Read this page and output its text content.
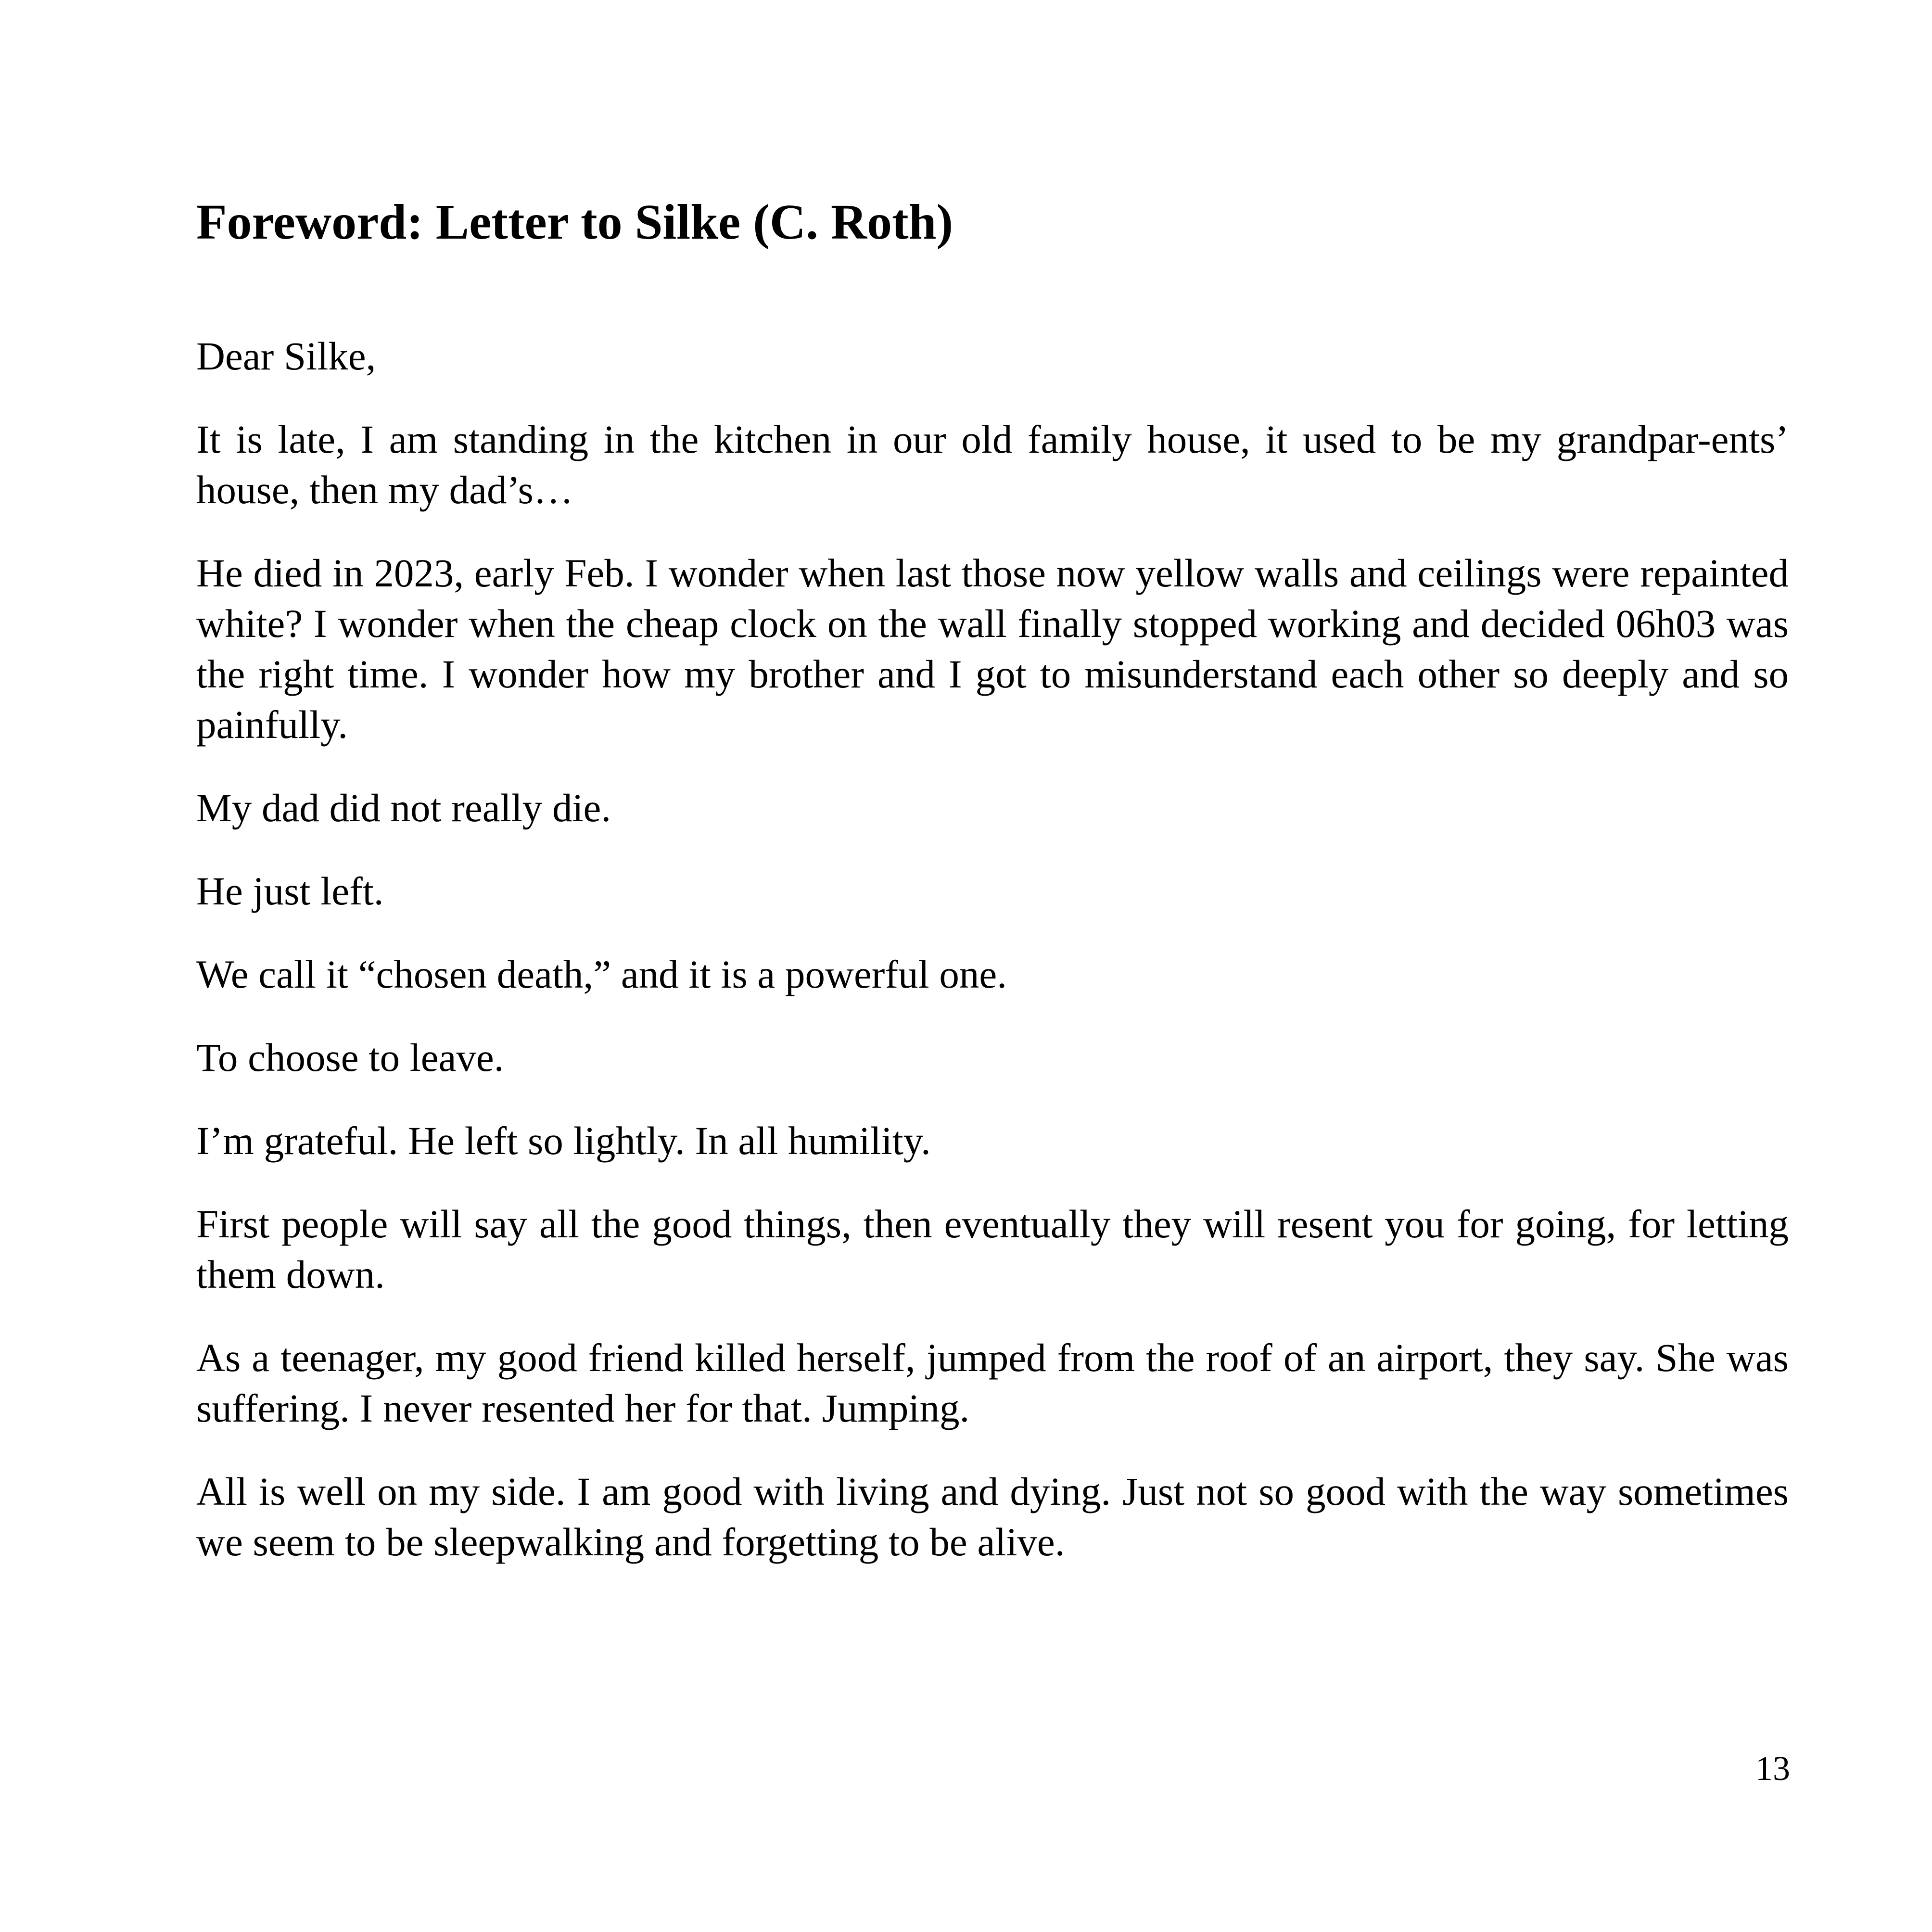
Foreword: Letter to Silke (C. Roth)

Dear Silke,

It is late, I am standing in the kitchen in our old family house, it used to be my grandpar-ents’ house, then my dad’s…

He died in 2023, early Feb. I wonder when last those now yellow walls and ceilings were repainted white? I wonder when the cheap clock on the wall finally stopped working and decided 06h03 was the right time. I wonder how my brother and I got to misunderstand each other so deeply and so painfully.

My dad did not really die.

He just left.

We call it “chosen death,” and it is a powerful one.

To choose to leave.

I’m grateful. He left so lightly. In all humility.

First people will say all the good things, then eventually they will resent you for going, for letting them down.

As a teenager, my good friend killed herself, jumped from the roof of an airport, they say. She was suffering. I never resented her for that. Jumping.

All is well on my side. I am good with living and dying. Just not so good with the way sometimes we seem to be sleepwalking and forgetting to be alive.

13
